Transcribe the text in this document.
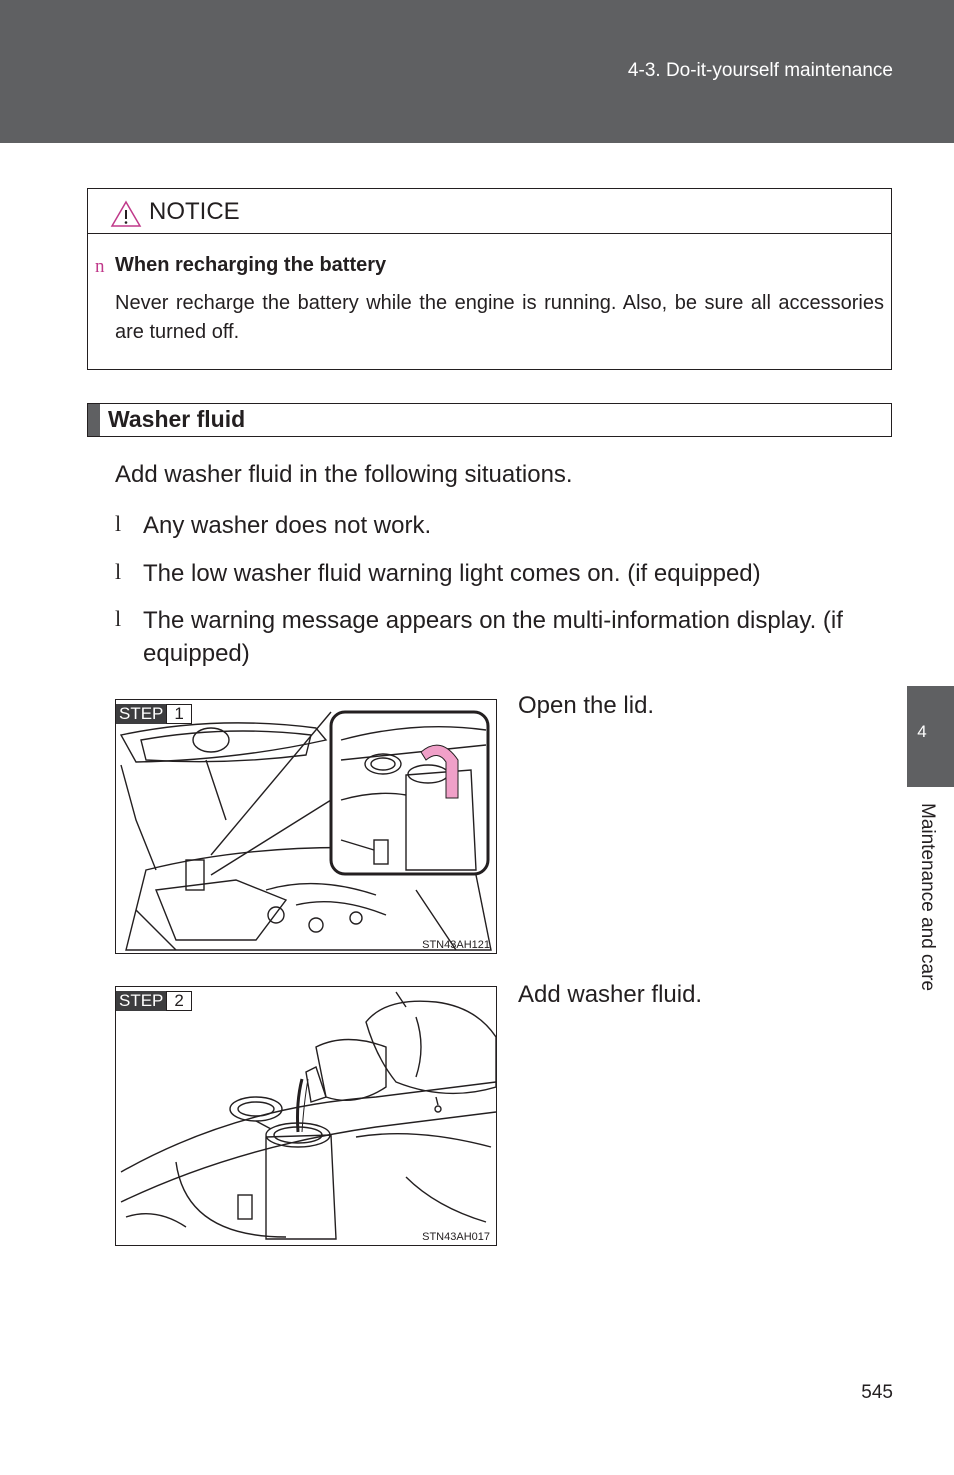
4-3. Do-it-yourself maintenance
NOTICE
n When recharging the battery
Never recharge the battery while the engine is running. Also, be sure all accessories are turned off.
Washer fluid
Add washer fluid in the following situations.
l Any washer does not work.
l The low washer fluid warning light comes on. (if equipped)
l The warning message appears on the multi-information display. (if equipped)
STEP 1
STN43AH121
Open the lid.
STEP 2
STN43AH017
Add washer fluid.
4
Maintenance and care
545
